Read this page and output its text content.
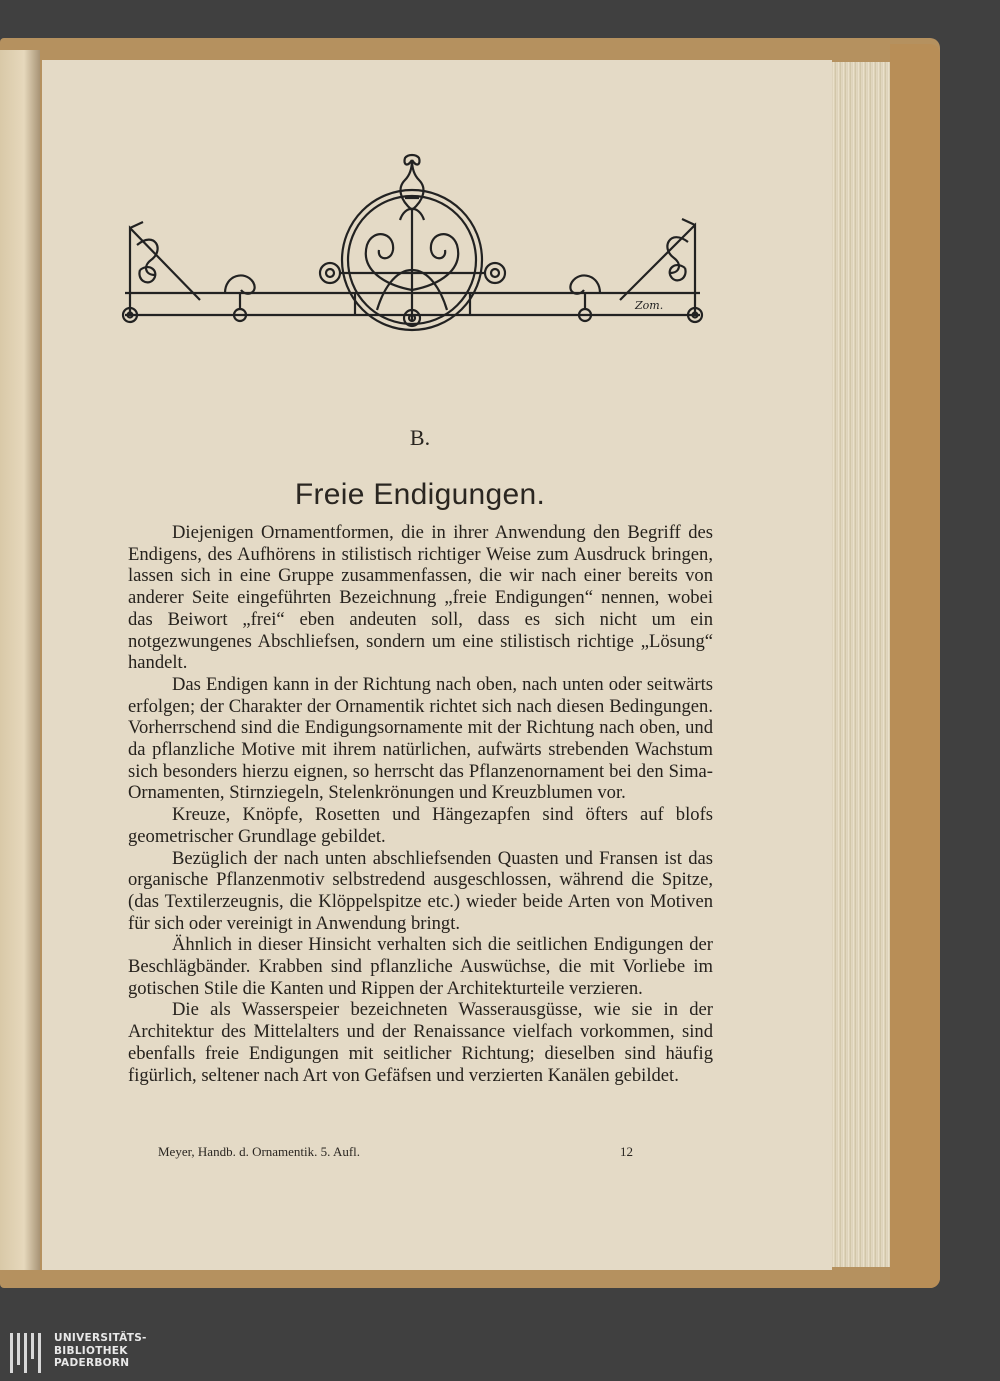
Zom.
B.
Freie Endigungen.

Diejenigen Ornamentformen, die in ihrer Anwendung den Begriff des Endigens, des Aufhörens in stilistisch richtiger Weise zum Ausdruck bringen, lassen sich in eine Gruppe zusammenfassen, die wir nach einer bereits von anderer Seite eingeführten Bezeichnung „freie Endigungen“ nennen, wobei das Beiwort „frei“ eben andeuten soll, dass es sich nicht um ein notgezwungenes Abschliefsen, sondern um eine stilistisch richtige „Lösung“ handelt.

Das Endigen kann in der Richtung nach oben, nach unten oder seitwärts erfolgen; der Charakter der Ornamentik richtet sich nach diesen Bedingungen. Vorherrschend sind die Endigungsornamente mit der Richtung nach oben, und da pflanzliche Motive mit ihrem natürlichen, aufwärts strebenden Wachstum sich besonders hierzu eignen, so herrscht das Pflanzenornament bei den Sima-Ornamenten, Stirnziegeln, Stelenkrönungen und Kreuzblumen vor.

Kreuze, Knöpfe, Rosetten und Hängezapfen sind öfters auf blofs geometrischer Grundlage gebildet.

Bezüglich der nach unten abschliefsenden Quasten und Fransen ist das organische Pflanzenmotiv selbstredend ausgeschlossen, während die Spitze, (das Textilerzeugnis, die Klöppelspitze etc.) wieder beide Arten von Motiven für sich oder vereinigt in Anwendung bringt.

Ähnlich in dieser Hinsicht verhalten sich die seitlichen Endigungen der Beschlägbänder. Krabben sind pflanzliche Auswüchse, die mit Vorliebe im gotischen Stile die Kanten und Rippen der Architekturteile verzieren.

Die als Wasserspeier bezeichneten Wasserausgüsse, wie sie in der Architektur des Mittelalters und der Renaissance vielfach vorkommen, sind ebenfalls freie Endigungen mit seitlicher Richtung; dieselben sind häufig figürlich, seltener nach Art von Gefäfsen und verzierten Kanälen gebildet.

Meyer, Handb. d. Ornamentik. 5. Aufl.	12
UNIVERSITÄTS-
BIBLIOTHEK
PADERBORN
